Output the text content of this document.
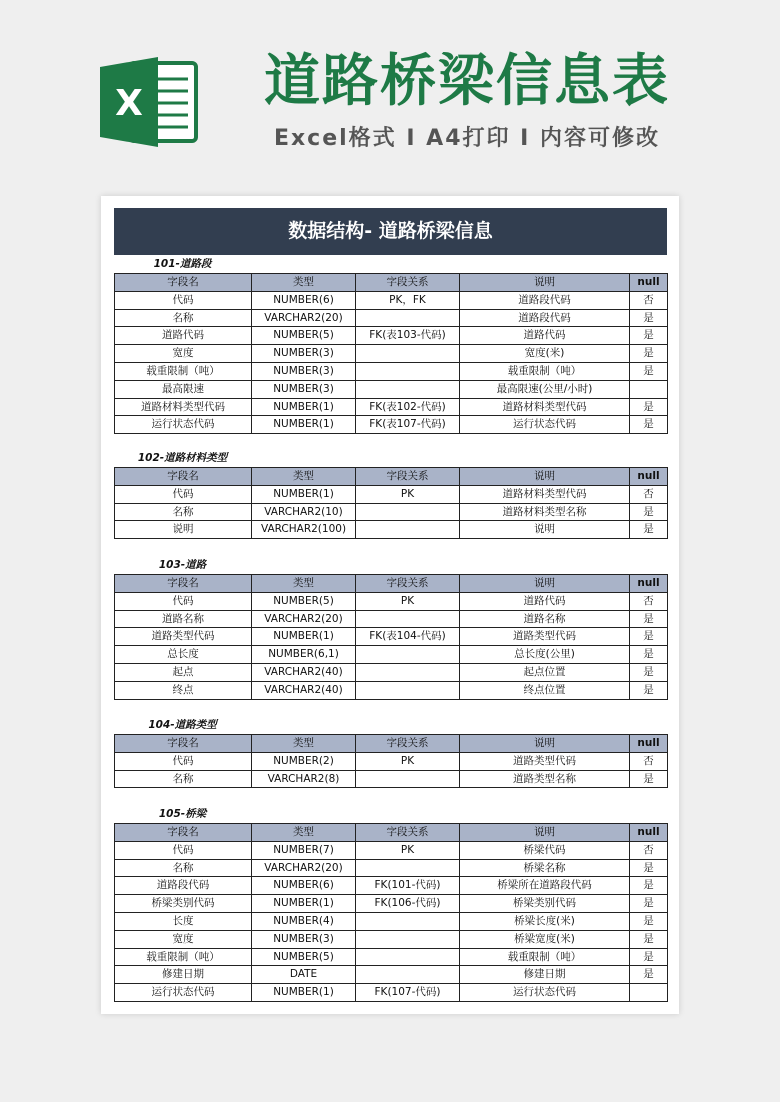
X	道路桥梁信息表
Excel格式 I A4打印 I 内容可修改
数据结构- 道路桥梁信息
101-道路段
字段名	类型	字段关系	说明	null
代码	NUMBER(6)	PK，FK	道路段代码	否
名称	VARCHAR2(20)		道路段代码	是
道路代码	NUMBER(5)	FK(表103-代码)	道路代码	是
宽度	NUMBER(3)		宽度(米)	是
载重限制（吨）	NUMBER(3)		载重限制（吨）	是
最高限速	NUMBER(3)		最高限速(公里/小时)	
道路材料类型代码	NUMBER(1)	FK(表102-代码)	道路材料类型代码	是
运行状态代码	NUMBER(1)	FK(表107-代码)	运行状态代码	是
102-道路材料类型
字段名	类型	字段关系	说明	null
代码	NUMBER(1)	PK	道路材料类型代码	否
名称	VARCHAR2(10)		道路材料类型名称	是
说明	VARCHAR2(100)		说明	是
103-道路
字段名	类型	字段关系	说明	null
代码	NUMBER(5)	PK	道路代码	否
道路名称	VARCHAR2(20)		道路名称	是
道路类型代码	NUMBER(1)	FK(表104-代码)	道路类型代码	是
总长度	NUMBER(6,1)		总长度(公里)	是
起点	VARCHAR2(40)		起点位置	是
终点	VARCHAR2(40)		终点位置	是
104-道路类型
字段名	类型	字段关系	说明	null
代码	NUMBER(2)	PK	道路类型代码	否
名称	VARCHAR2(8)		道路类型名称	是
105-桥梁
字段名	类型	字段关系	说明	null
代码	NUMBER(7)	PK	桥梁代码	否
名称	VARCHAR2(20)		桥梁名称	是
道路段代码	NUMBER(6)	FK(101-代码)	桥梁所在道路段代码	是
桥梁类别代码	NUMBER(1)	FK(106-代码)	桥梁类别代码	是
长度	NUMBER(4)		桥梁长度(米)	是
宽度	NUMBER(3)		桥梁宽度(米)	是
载重限制（吨）	NUMBER(5)		载重限制（吨）	是
修建日期	DATE		修建日期	是
运行状态代码	NUMBER(1)	FK(107-代码)	运行状态代码	
